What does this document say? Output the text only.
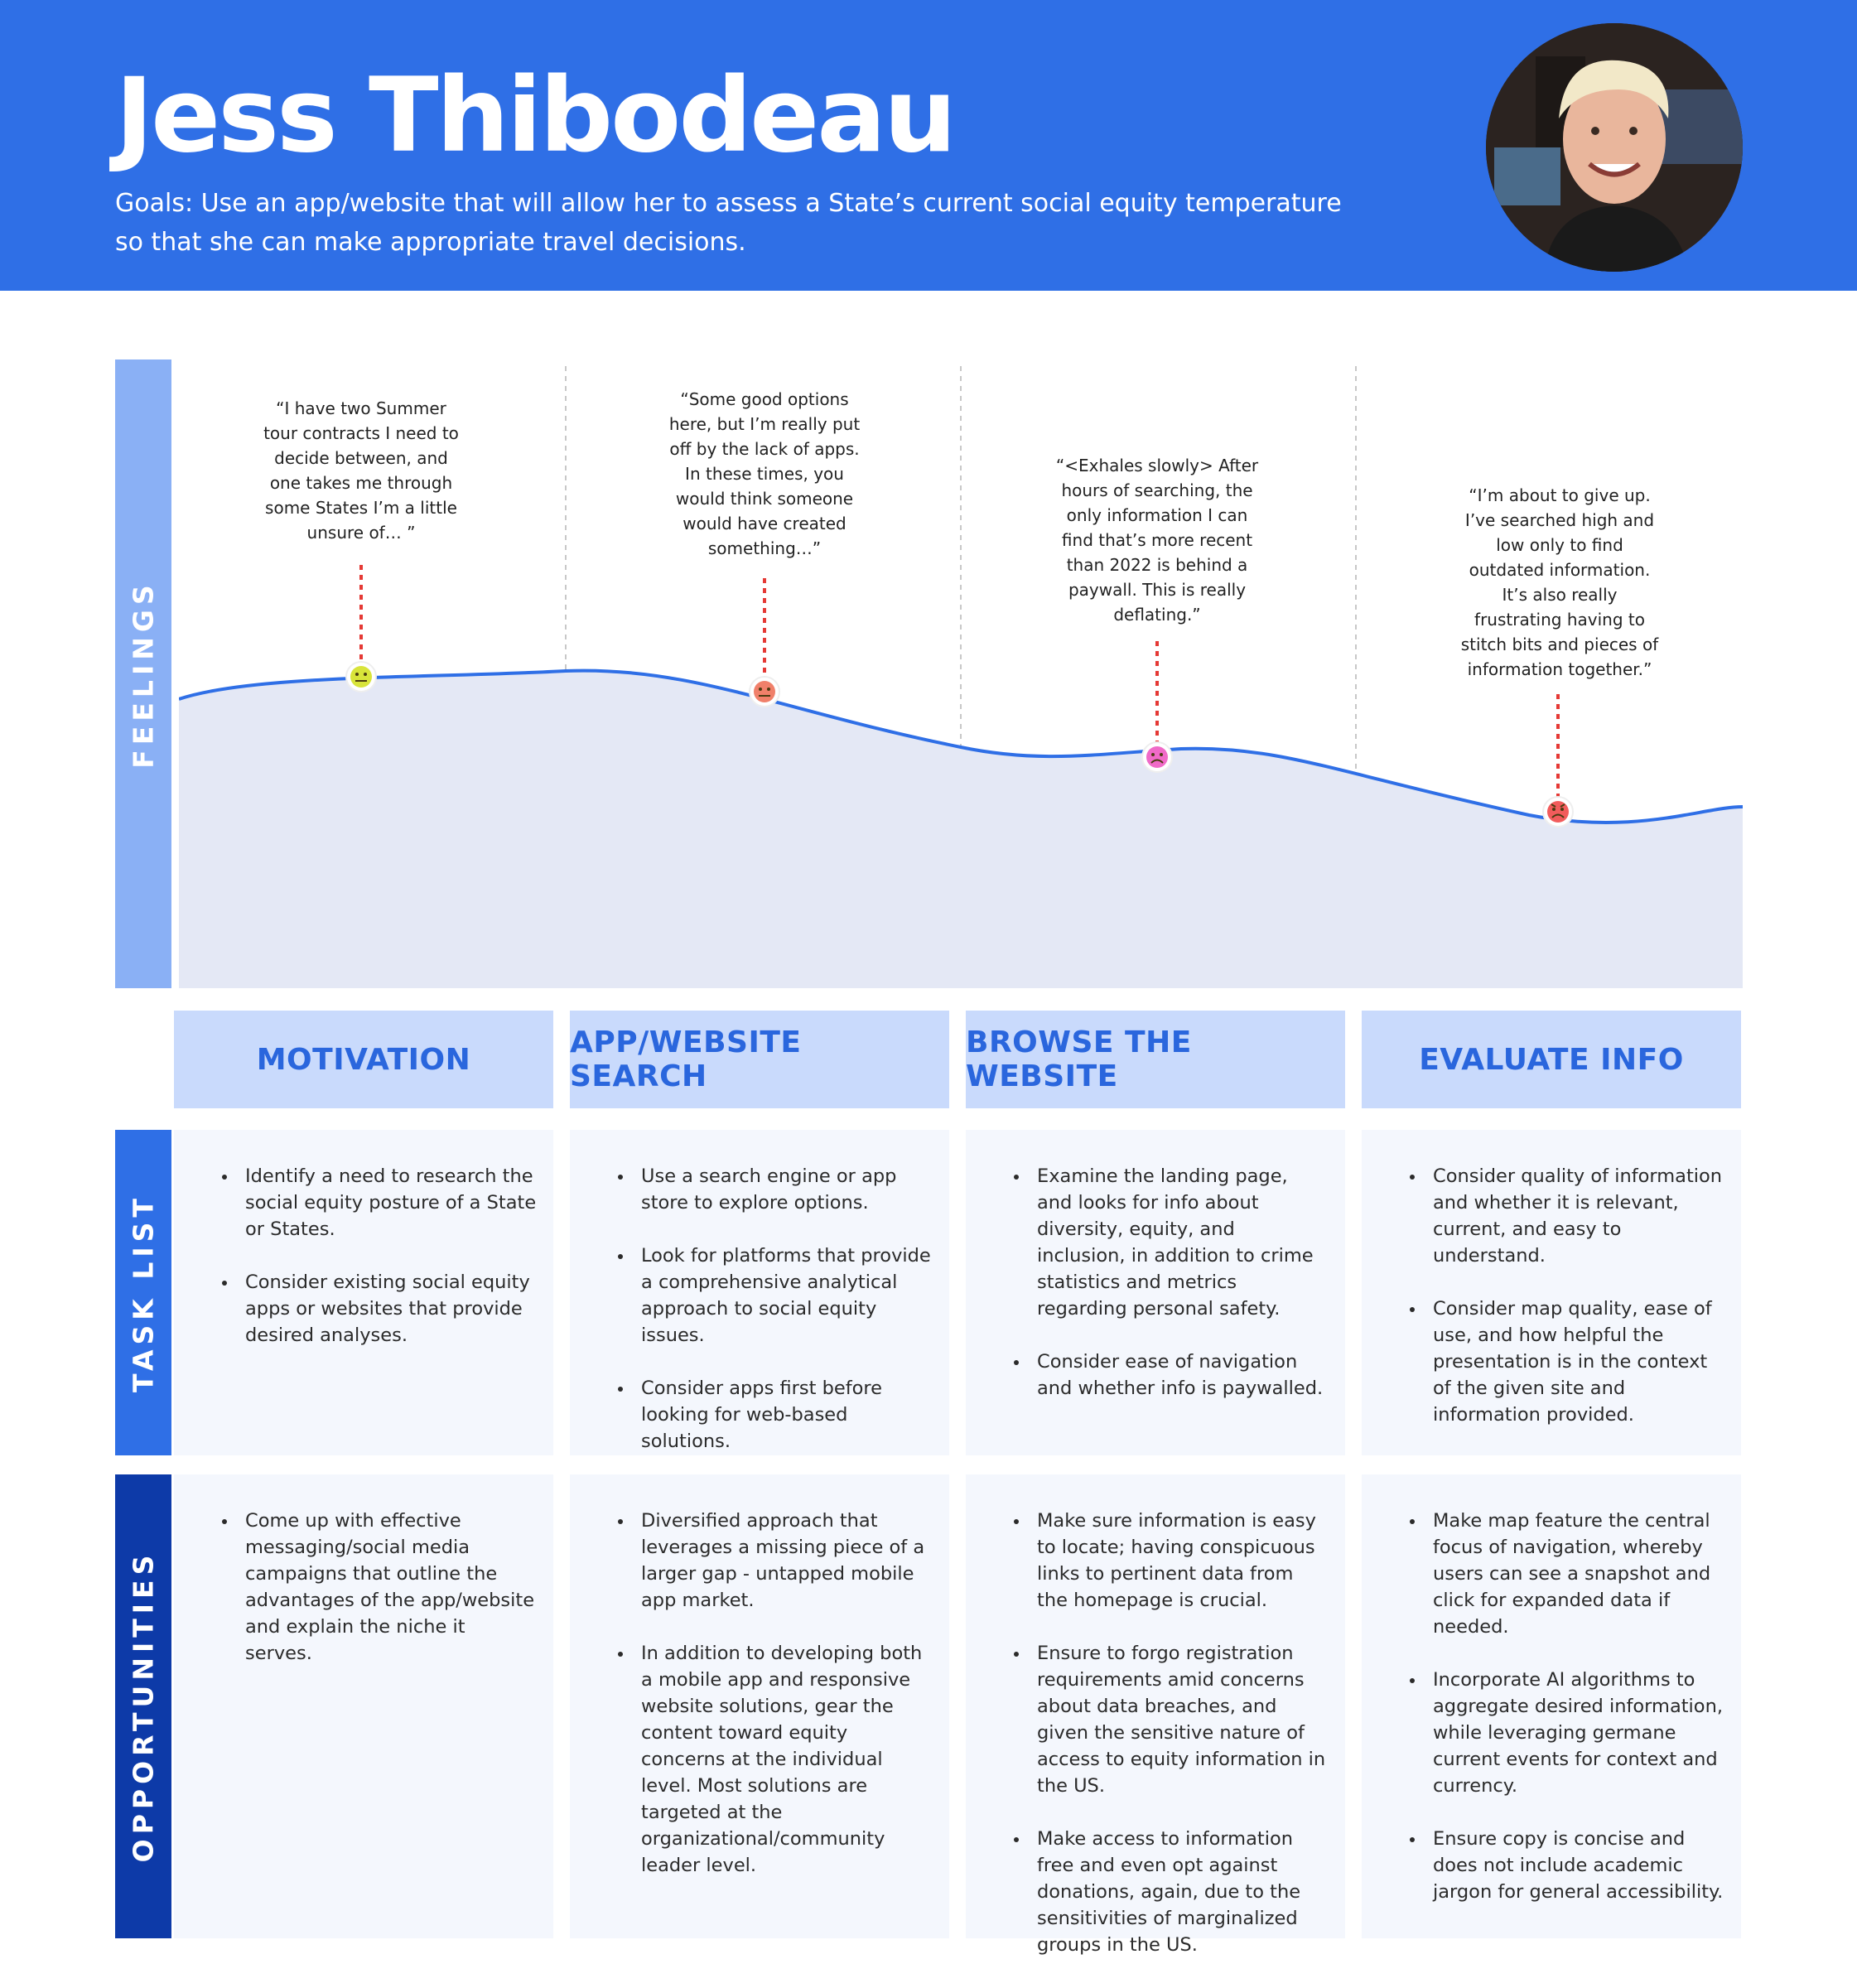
Jess Thibodeau
Goals: Use an app/website that will allow her to assess a State’s current social equity temperature so that she can make appropriate travel decisions.
FEELINGS
TASK LIST
OPPORTUNITIES
“I have two Summer tour contracts I need to decide between, and one takes me through some States I’m a little unsure of… ”
“Some good options here, but I’m really put off by the lack of apps. In these times, you would think someone would have created something…”
“<Exhales slowly> After hours of searching, the only information I can find that’s more recent than 2022 is behind a paywall. This is really deflating.”
“I’m about to give up. I’ve searched high and low only to find outdated information. It’s also really frustrating having to stitch bits and pieces of information together.”
MOTIVATION	APP/WEBSITE SEARCH
BROWSE THE WEBSITE	EVALUATE INFO
Identify a need to research the social equity posture of a State or States.
Consider existing social equity apps or websites that provide desired analyses.
Use a search engine or app store to explore options.
Look for platforms that provide a comprehensive analytical approach to social equity issues.
Consider apps first before looking for web-based solutions.
Examine the landing page, and looks for info about diversity, equity, and inclusion, in addition to crime statistics and metrics regarding personal safety.
Consider ease of navigation and whether info is paywalled.
Consider quality of information and whether it is relevant, current, and easy to understand.
Consider map quality, ease of use, and how helpful the presentation is in the context of the given site and information provided.
Come up with effective messaging/social media campaigns that outline the advantages of the app/website and explain the niche it serves.
Diversified approach that leverages a missing piece of a larger gap - untapped mobile app market.
In addition to developing both a mobile app and responsive website solutions, gear the content toward equity concerns at the individual level. Most solutions are targeted at the organizational/community leader level.
Make sure information is easy to locate; having conspicuous links to pertinent data from the homepage is crucial.
Ensure to forgo registration requirements amid concerns about data breaches, and given the sensitive nature of access to equity information in the US.
Make access to information free and even opt against donations, again, due to the sensitivities of marginalized groups in the US.
Make map feature the central focus of navigation, whereby users can see a snapshot and click for expanded data if needed.
Incorporate AI algorithms to aggregate desired information, while leveraging germane current events for context and currency.
Ensure copy is concise and does not include academic jargon for general accessibility.
